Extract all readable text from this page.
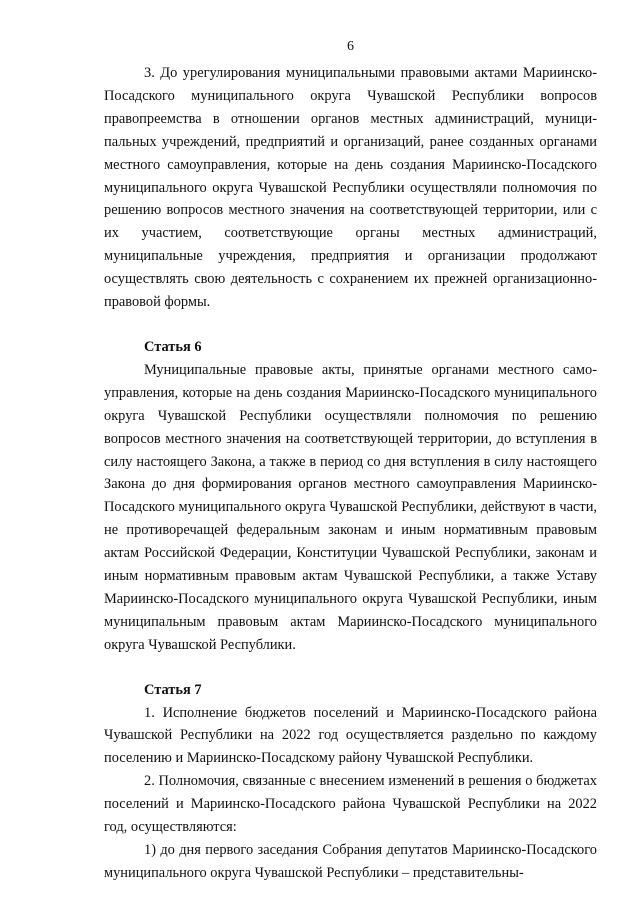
6

3. До урегулирования муниципальными правовыми актами Мариинско-Посадского муниципального округа Чувашской Республики вопросов правопреемства в отношении органов местных администраций, муниципальных учреждений, предприятий и организаций, ранее созданных органами местного самоуправления, которые на день создания Мариинско-Посадского муниципального округа Чувашской Республики осуществляли полномочия по решению вопросов местного значения на соответствующей территории, или с их участием, соответствующие органы местных администраций, муниципальные учреждения, предприятия и организации продолжают осуществлять свою деятельность с сохранением их прежней организационно-правовой формы.

Статья 6

Муниципальные правовые акты, принятые органами местного самоуправления, которые на день создания Мариинско-Посадского муниципального округа Чувашской Республики осуществляли полномочия по решению вопросов местного значения на соответствующей территории, до вступления в силу настоящего Закона, а также в период со дня вступления в силу настоящего Закона до дня формирования органов местного самоуправления Мариинско-Посадского муниципального округа Чувашской Республики, действуют в части, не противоречащей федеральным законам и иным нормативным правовым актам Российской Федерации, Конституции Чувашской Республики, законам и иным нормативным правовым актам Чувашской Республики, а также Уставу Мариинско-Посадского муниципального округа Чувашской Республики, иным муниципальным правовым актам Мариинско-Посадского муниципального округа Чувашской Республики.

Статья 7

1. Исполнение бюджетов поселений и Мариинско-Посадского района Чувашской Республики на 2022 год осуществляется раздельно по каждому поселению и Мариинско-Посадскому району Чувашской Республики.

2. Полномочия, связанные с внесением изменений в решения о бюджетах поселений и Мариинско-Посадского района Чувашской Республики на 2022 год, осуществляются:

1) до дня первого заседания Собрания депутатов Мариинско-Посадского муниципального округа Чувашской Республики – представительны-
